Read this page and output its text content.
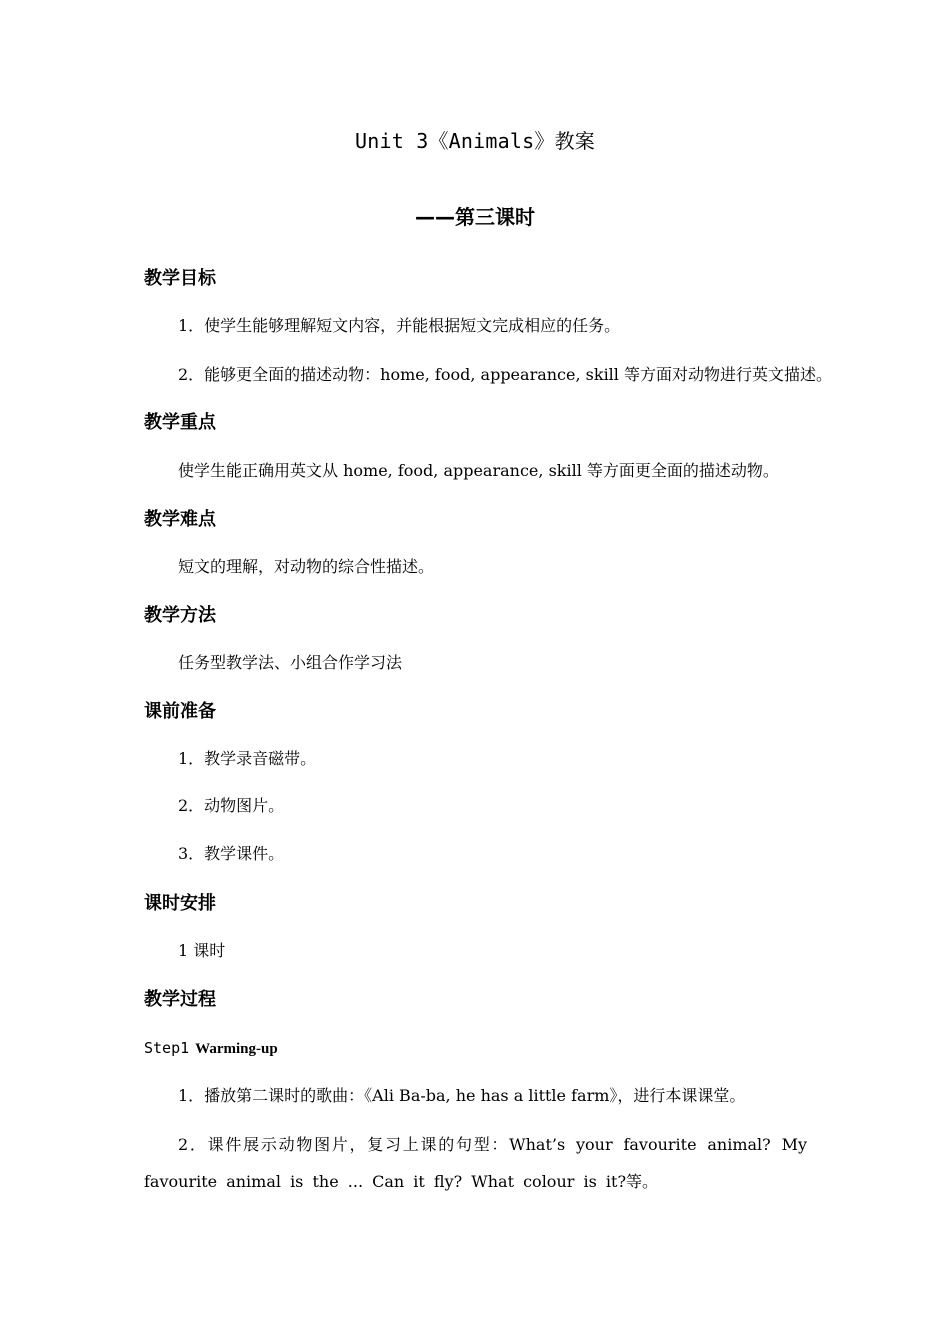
Unit 3《Animals》教案
——第三课时
教学目标
1．使学生能够理解短文内容，并能根据短文完成相应的任务。
2．能够更全面的描述动物：home, food, appearance, skill 等方面对动物进行英文描述。
教学重点
使学生能正确用英文从 home, food, appearance, skill 等方面更全面的描述动物。
教学难点
短文的理解，对动物的综合性描述。
教学方法
任务型教学法、小组合作学习法
课前准备
1．教学录音磁带。
2．动物图片。
3．教学课件。
课时安排
1 课时
教学过程
Step1 Warming-up
1．播放第二课时的歌曲：《Ali Ba-ba, he has a little farm》，进行本课课堂。
2．课件展示动物图片，复习上课的句型：What’s your favourite animal? My favourite animal is the ... Can it fly? What colour is it?等。
